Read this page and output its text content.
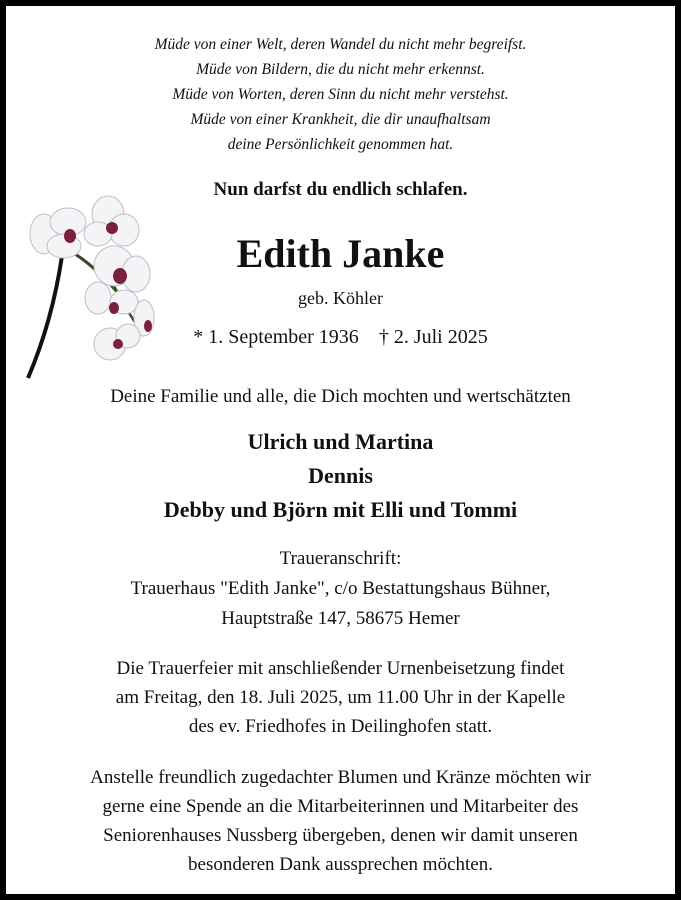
Müde von einer Welt, deren Wandel du nicht mehr begreifst.
Müde von Bildern, die du nicht mehr erkennst.
Müde von Worten, deren Sinn du nicht mehr verstehst.
Müde von einer Krankheit, die dir unaufhaltsam
deine Persönlichkeit genommen hat.
Nun darfst du endlich schlafen.
Edith Janke
geb. Köhler
* 1. September 1936 † 2. Juli 2025
Deine Familie und alle, die Dich mochten und wertschätzten
Ulrich und Martina
Dennis
Debby und Björn mit Elli und Tommi
Traueranschrift:
Trauerhaus "Edith Janke", c/o Bestattungshaus Bühner,
Hauptstraße 147, 58675 Hemer
Die Trauerfeier mit anschließender Urnenbeisetzung findet
am Freitag, den 18. Juli 2025, um 11.00 Uhr in der Kapelle
des ev. Friedhofes in Deilinghofen statt.
Anstelle freundlich zugedachter Blumen und Kränze möchten wir
gerne eine Spende an die Mitarbeiterinnen und Mitarbeiter des
Seniorenhauses Nussberg übergeben, denen wir damit unseren
besonderen Dank aussprechen möchten.
